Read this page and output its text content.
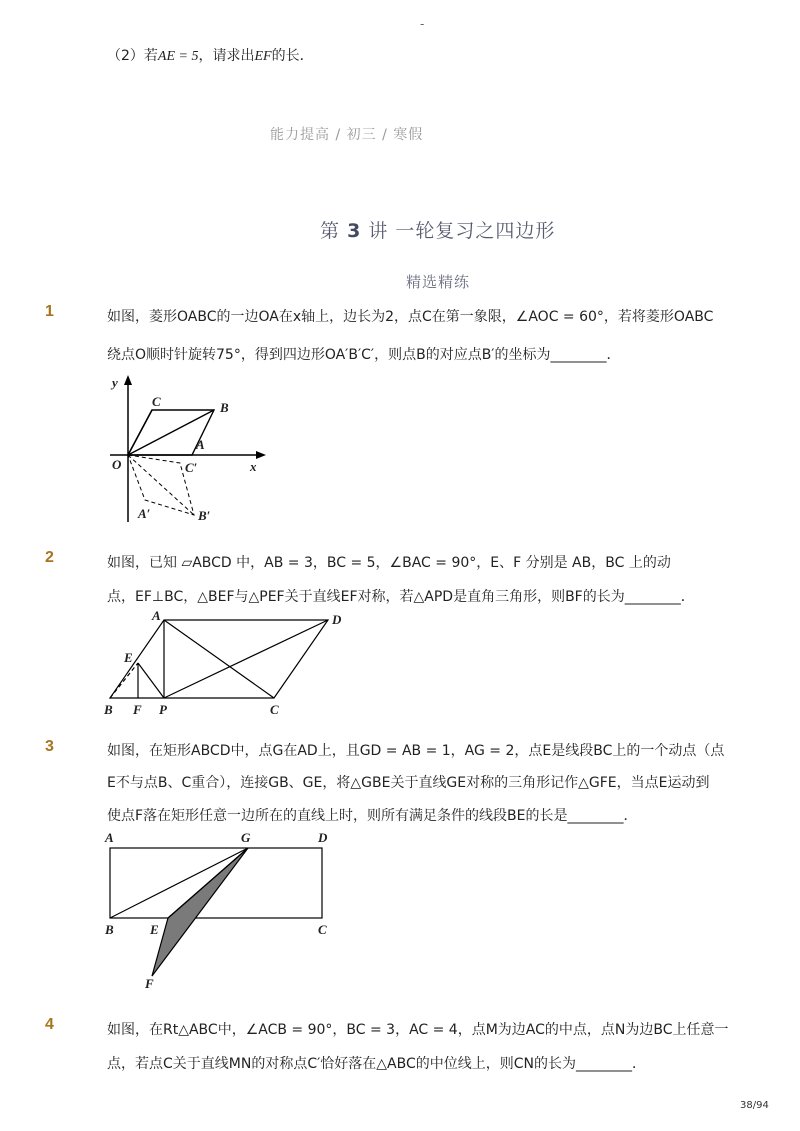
-
（2）若AE = 5，请求出EF的长．
能力提高 / 初三 / 寒假
第 3 讲 一轮复习之四边形
精选精练
1	如图，菱形OABC的一边OA在x轴上，边长为2，点C在第一象限，∠AOC = 60°，若将菱形OABC
绕点O顺时针旋转75°，得到四边形OA′B′C′，则点B的对应点B′的坐标为________．
y
C	B
A
O	C′	x
A′	B′
2	如图，已知 ▱ABCD 中，AB = 3，BC = 5，∠BAC = 90°，E、F 分别是 AB，BC 上的动
点，EF⊥BC，△BEF与△PEF关于直线EF对称，若△APD是直角三角形，则BF的长为________．
A	D
E
B F P	C
3	如图，在矩形ABCD中，点G在AD上，且GD = AB = 1，AG = 2，点E是线段BC上的一个动点（点
E不与点B、C重合），连接GB、GE，将△GBE关于直线GE对称的三角形记作△GFE，当点E运动到
使点F落在矩形任意一边所在的直线上时，则所有满足条件的线段BE的长是________．
A	G	D
B	E	C
F
4	如图，在Rt△ABC中，∠ACB = 90°，BC = 3，AC = 4，点M为边AC的中点，点N为边BC上任意一
点，若点C关于直线MN的对称点C′恰好落在△ABC的中位线上，则CN的长为________．
38/94
